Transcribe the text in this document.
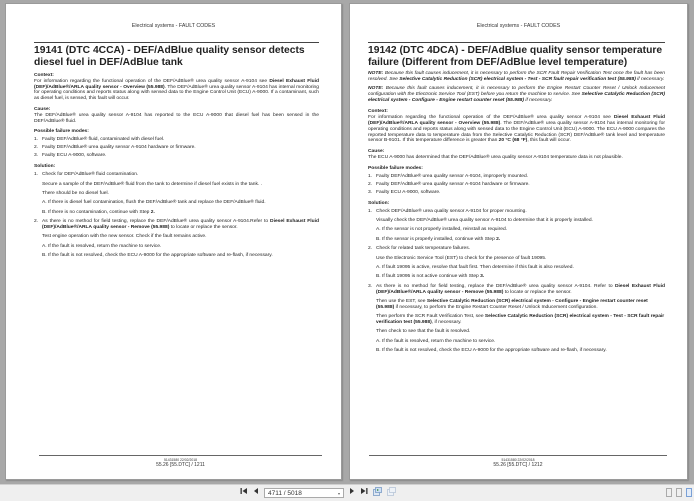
Electrical systems - FAULT CODES
19141 (DTC 4CCA) - DEF/AdBlue quality sensor detects diesel fuel in DEF/AdBlue tank
Context:
For information regarding the functional operation of the DEF/AdBlue® urea quality sensor A-9104 see Diesel Exhaust Fluid (DEF)/AdBlue®/ARLA quality sensor - Overview (55.988). The DEF/AdBlue® urea quality sensor A-9104 has internal monitoring for operating conditions and reports status along with sensed data to the Engine Control Unit (ECU) A-9000. If a contaminant, such as diesel fuel, is sensed, this fault will occur.
Cause:
The DEF/AdBlue® urea quality sensor A-9104 has reported to the ECU A-9000 that diesel fuel has been sensed in the DEF/AdBlue® fluid.
Possible failure modes:
1. Faulty DEF/AdBlue® fluid, contaminated with diesel fuel.
2. Faulty DEF/AdBlue® urea quality sensor A-9104 hardware or firmware.
3. Faulty ECU A-9000, software.
Solution:
1. Check for DEF/AdBlue® fluid contamination.
Secure a sample of the DEF/AdBlue® fluid from the tank to determine if diesel fuel exists in the tank. .
There should be no diesel fuel.
A. If there is diesel fuel contamination, flush the DEF/AdBlue® tank and replace the DEF/AdBlue® fluid.
B. If there is no contamination, continue with Step 2.
2. As there is no method for field testing, replace the DEF/AdBlue® urea quality sensor A-9104.Refer to Diesel Exhaust Fluid (DEF)/AdBlue®/ARLA quality sensor - Remove (55.988) to locate or replace the sensor.
Test engine operation with the new sensor. Check if the fault remains active.
A. If the fault is resolved, return the machine to service.
B. If the fault is not resolved, check the ECU A-9000 for the appropriate software and re-flash, if necessary.
51431580 22/02/2018
55.26 [55.DTC] / 1211
Electrical systems - FAULT CODES
19142 (DTC 4DCA) - DEF/AdBlue quality sensor temperature failure (Different from DEF/AdBlue level temperature)
NOTE: Because this fault causes inducement, it is necessary to perform the SCR Fault Repair Verification Test once the fault has been resolved. See Selective Catalytic Reduction (SCR) electrical system - Test - SCR fault repair verification test (55.988) if necessary.
NOTE: Because this fault causes inducement, it is necessary to perform the Engine Restart Counter Reset / Unlock Inducement configuration with the Electronic Service Tool (EST) before you return the machine to service. See Selective Catalytic Reduction (SCR) electrical system - Configure - Engine restart counter reset (55.988) if necessary.
Context:
For information regarding the functional operation of the DEF/AdBlue® urea quality sensor A-9104 see Diesel Exhaust Fluid (DEF)/AdBlue®/ARLA quality sensor - Overview (55.988). The DEF/AdBlue® urea quality sensor A-9104 has internal monitoring for operating conditions and reports status along with sensed data to the Engine Control Unit (ECU) A-9000. The ECU A-9000 compares the reported temperature data to temperature data from the Selective Catalytic Reduction (SCR) DEF/AdBlue® tank level and temperature sensor B-9101. If this temperature difference is greater than 20 °C (68 °F), this fault will occur.
Cause:
The ECU A-9000 has determined that the DEF/AdBlue® urea quality sensor A-9104 temperature data is not plausible.
Possible failure modes:
1. Faulty DEF/AdBlue® urea quality sensor A-9104, improperly mounted.
2. Faulty DEF/AdBlue® urea quality sensor A-9104 hardware or firmware.
3. Faulty ECU A-9000, software.
Solution:
1. Check DEF/AdBlue® urea quality sensor A-9104 for proper mounting.
Visually check the DEF/AdBlue® urea quality sensor A-9104 to determine that it is properly installed.
A. If the sensor is not properly installed, reinstall as required.
B. If the sensor is properly installed, continue with Step 2.
2. Check for related tank temperature failures.
Use the Electronic Service Tool (EST) to check for the presence of fault 19095.
A. If fault 19095 is active, resolve that fault first. Then determine if this fault is also resolved.
B. If fault 19095 is not active continue with Step 3.
3. As there is no method for field testing, replace the DEF/AdBlue® urea quality sensor A-9104. Refer to Diesel Exhaust Fluid (DEF)/AdBlue®/ARLA quality sensor - Remove (55.988) to locate or replace the sensor.
Then use the EST, see Selective Catalytic Reduction (SCR) electrical system - Configure - Engine restart counter reset (55.988) if necessary, to perform the Engine Restart Counter Reset / Unlock Inducement configuration.
Then perform the SCR Fault Verification Test, see Selective Catalytic Reduction (SCR) electrical system - Test - SCR fault repair verification test (55.988), if necessary.
Then check to see that the fault is resolved.
A. If the fault is resolved, return the machine to service.
B. If the fault is not resolved, check the ECU A-9000 for the appropriate software and re-flash, if necessary.
51431580 22/02/2018
55.26 [55.DTC] / 1212
4711 / 5018	▾
